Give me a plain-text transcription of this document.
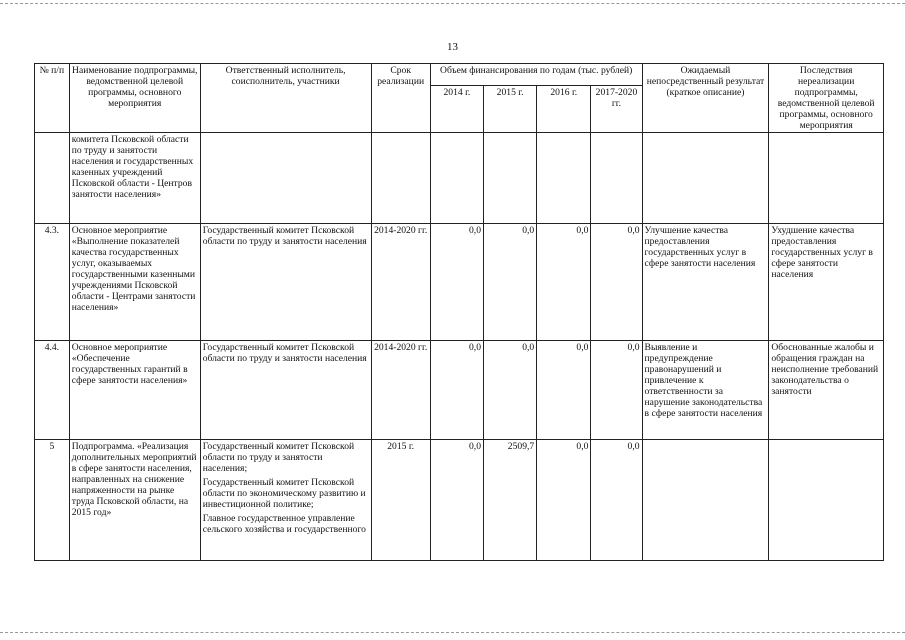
13
№ п/п	Наименование подпрограммы, ведомственной целевой программы, основного мероприятия	Ответственный исполнитель, соисполнитель, участники	Срок реализации	Объем финансирования по годам (тыс. рублей)				Ожидаемый непосредственный результат (краткое описание)	Последствия нереализации подпрограммы, ведомственной целевой программы, основного мероприятия
				2014 г.	2015 г.	2016 г.	2017-2020 гг.		
	комитета Псковской области по труду и занятости населения и государственных казенных учреждений Псковской области - Центров занятости населения»								
4.3.	Основное мероприятие «Выполнение показателей качества государственных услуг, оказываемых государственными казенными учреждениями Псковской области - Центрами занятости населения»	Государственный комитет Псковской области по труду и занятости населения	2014-2020 гг.	0,0	0,0	0,0	0,0	Улучшение качества предоставления государственных услуг в сфере занятости населения	Ухудшение качества предоставления государственных услуг в сфере занятости населения
4.4.	Основное мероприятие «Обеспечение государственных гарантий в сфере занятости населения»	Государственный комитет Псковской области по труду и занятости населения	2014-2020 гг.	0,0	0,0	0,0	0,0	Выявление и предупреждение правонарушений и привлечение к ответственности за нарушение законодательства в сфере занятости населения	Обоснованные жалобы и обращения граждан на неисполнение требований законодательства о занятости
5	Подпрограмма. «Реализация дополнительных мероприятий в сфере занятости населения, направленных на снижение напряженности на рынке труда Псковской области, на 2015 год»	Государственный комитет Псковской области по труду и занятости населения;
Государственный комитет Псковской области по экономическому развитию и инвестиционной политике;
Главное государственное управление сельского хозяйства и государственного	2015 г.	0,0	2509,7	0,0	0,0		
